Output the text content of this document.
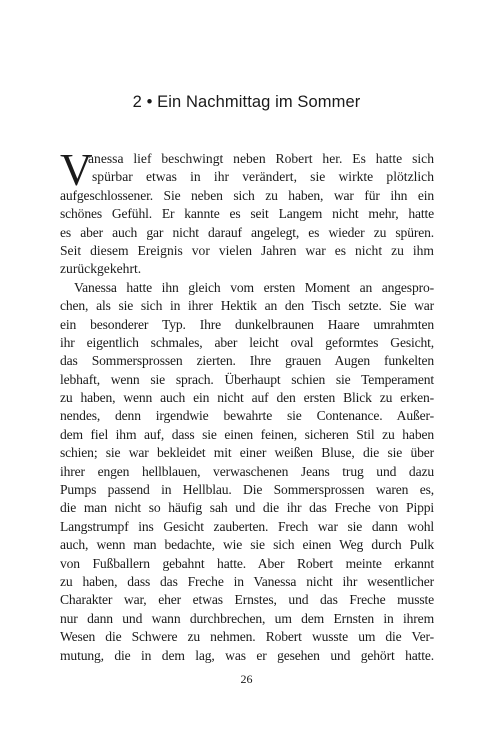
2 • Ein Nachmittag im Sommer
V
anessa lief beschwingt neben Robert her. Es hatte sich
spürbar etwas in ihr verändert, sie wirkte plötzlich
aufgeschlossener. Sie neben sich zu haben, war für ihn ein
schönes Gefühl. Er kannte es seit Langem nicht mehr, hatte
es aber auch gar nicht darauf angelegt, es wieder zu spüren.
Seit diesem Ereignis vor vielen Jahren war es nicht zu ihm
zurückgekehrt.
Vanessa hatte ihn gleich vom ersten Moment an angespro-
chen, als sie sich in ihrer Hektik an den Tisch setzte. Sie war
ein besonderer Typ. Ihre dunkelbraunen Haare umrahmten
ihr eigentlich schmales, aber leicht oval geformtes Gesicht,
das Sommersprossen zierten. Ihre grauen Augen funkelten
lebhaft, wenn sie sprach. Überhaupt schien sie Temperament
zu haben, wenn auch ein nicht auf den ersten Blick zu erken-
nendes, denn irgendwie bewahrte sie Contenance. Außer-
dem fiel ihm auf, dass sie einen feinen, sicheren Stil zu haben
schien; sie war bekleidet mit einer weißen Bluse, die sie über
ihrer engen hellblauen, verwaschenen Jeans trug und dazu
Pumps passend in Hellblau. Die Sommersprossen waren es,
die man nicht so häufig sah und die ihr das Freche von Pippi
Langstrumpf ins Gesicht zauberten. Frech war sie dann wohl
auch, wenn man bedachte, wie sie sich einen Weg durch Pulk
von Fußballern gebahnt hatte. Aber Robert meinte erkannt
zu haben, dass das Freche in Vanessa nicht ihr wesentlicher
Charakter war, eher etwas Ernstes, und das Freche musste
nur dann und wann durchbrechen, um dem Ernsten in ihrem
Wesen die Schwere zu nehmen. Robert wusste um die Ver-
mutung, die in dem lag, was er gesehen und gehört hatte.
26
